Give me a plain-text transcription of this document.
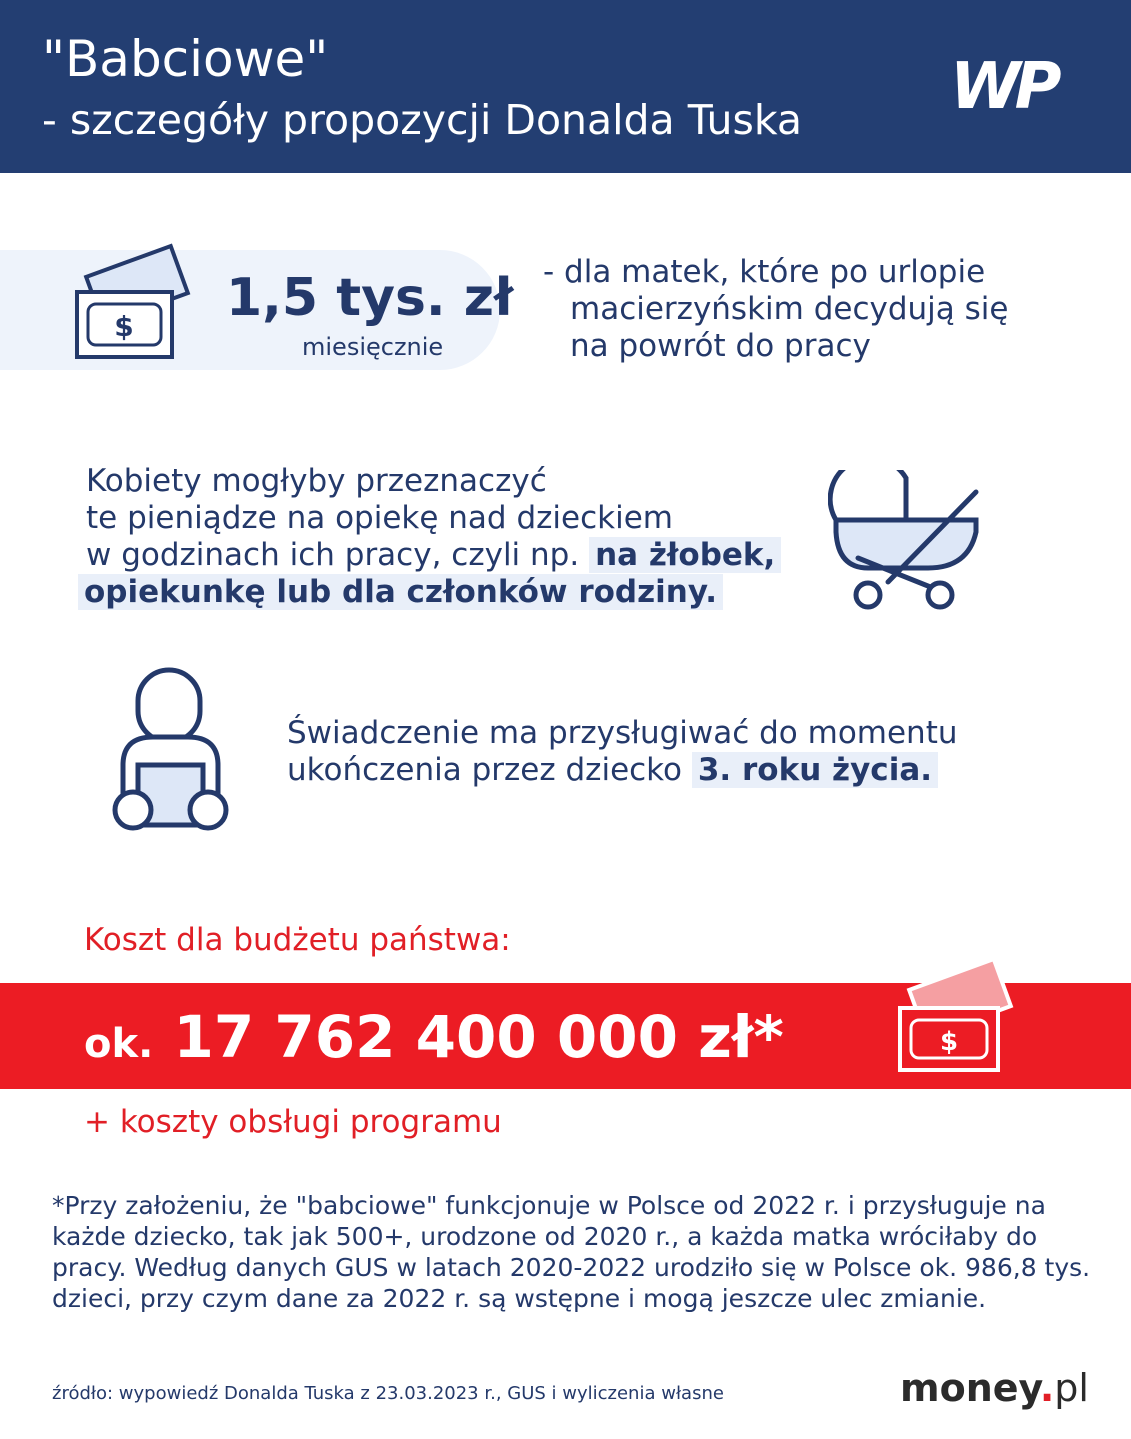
"Babciowe"
- szczegóły propozycji Donalda Tuska WP
$ 1,5 tys. zł
miesięcznie
- dla matek, które po urlopie
macierzyńskim decydują się
na powrót do pracy
Kobiety mogłyby przeznaczyć
te pieniądze na opiekę nad dzieckiem
w godzinach ich pracy, czyli np. na żłobek,
opiekunkę lub dla członków rodziny.
Świadczenie ma przysługiwać do momentu
ukończenia przez dziecko 3. roku życia.
Koszt dla budżetu państwa:
ok. 17 762 400 000 zł*	$
+ koszty obsługi programu
*Przy założeniu, że "babciowe" funkcjonuje w Polsce od 2022 r. i przysługuje na każde dziecko, tak jak 500+, urodzone od 2020 r., a każda matka wróciłaby do pracy. Według danych GUS w latach 2020-2022 urodziło się w Polsce ok. 986,8 tys. dzieci, przy czym dane za 2022 r. są wstępne i mogą jeszcze ulec zmianie.
źródło: wypowiedź Donalda Tuska z 23.03.2023 r., GUS i wyliczenia własne	money.pl
